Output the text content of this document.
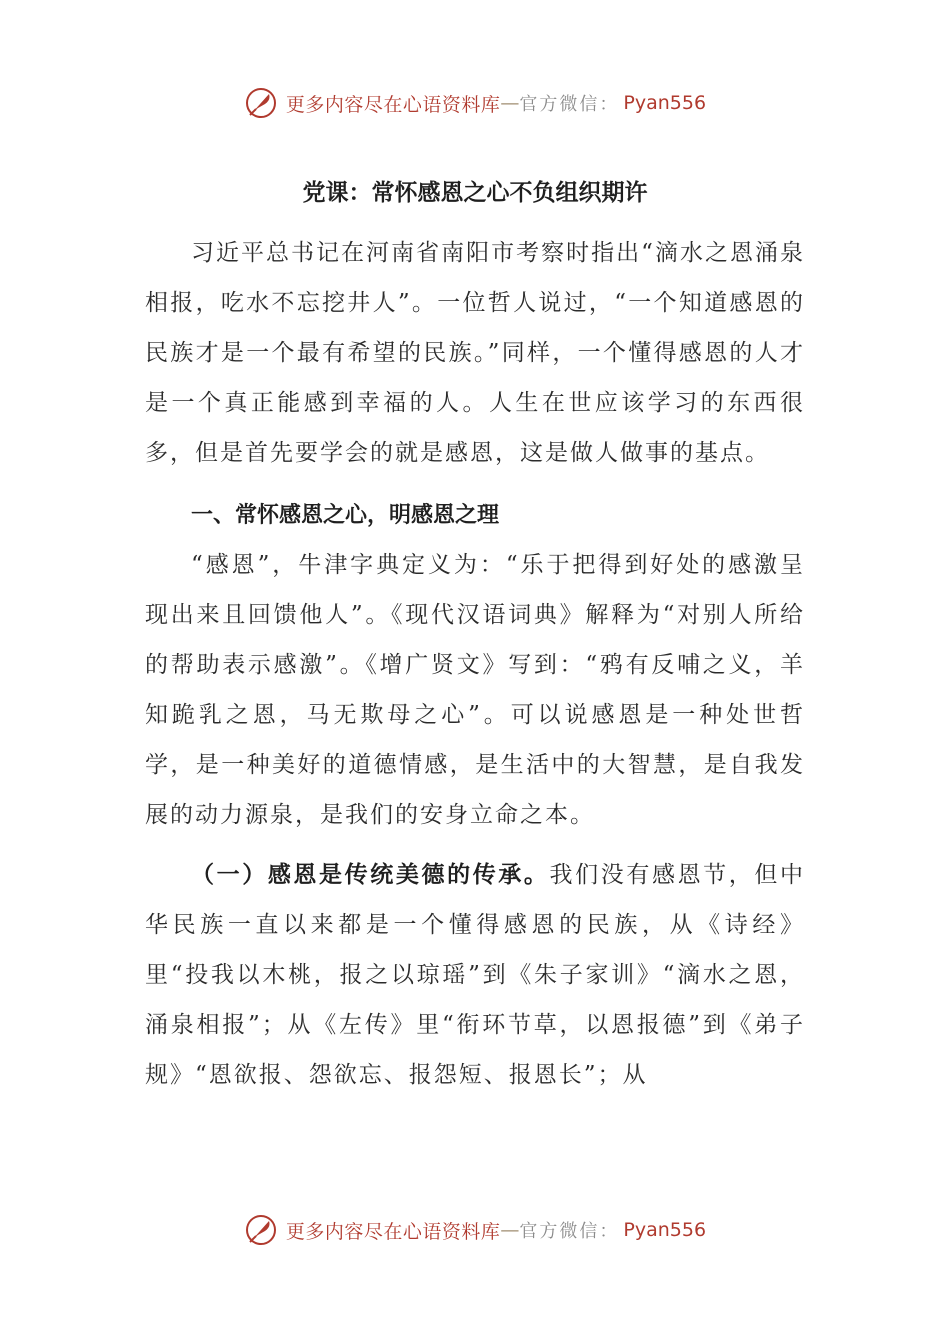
更多内容尽在心语资料库 — 官方微信： Pyan556
党课：常怀感恩之心不负组织期许

习近平总书记在河南省南阳市考察时指出“滴水之恩涌泉相报，吃水不忘挖井人”。一位哲人说过，“一个知道感恩的民族才是一个最有希望的民族。”同样，一个懂得感恩的人才是一个真正能感到幸福的人。人生在世应该学习的东西很多，但是首先要学会的就是感恩，这是做人做事的基点。

一、常怀感恩之心，明感恩之理

“感恩”，牛津字典定义为：“乐于把得到好处的感激呈现出来且回馈他人”。《现代汉语词典》解释为“对别人所给的帮助表示感激”。《增广贤文》写到：“鸦有反哺之义，羊知跪乳之恩，马无欺母之心”。可以说感恩是一种处世哲学，是一种美好的道德情感，是生活中的大智慧，是自我发展的动力源泉，是我们的安身立命之本。

（一）感恩是传统美德的传承。我们没有感恩节，但中华民族一直以来都是一个懂得感恩的民族，从《诗经》里“投我以木桃，报之以琼瑶”到《朱子家训》“滴水之恩，涌泉相报”；从《左传》里“衔环节草，以恩报德”到《弟子规》“恩欲报、怨欲忘、报怨短、报恩长”；从

更多内容尽在心语资料库 — 官方微信： Pyan556
